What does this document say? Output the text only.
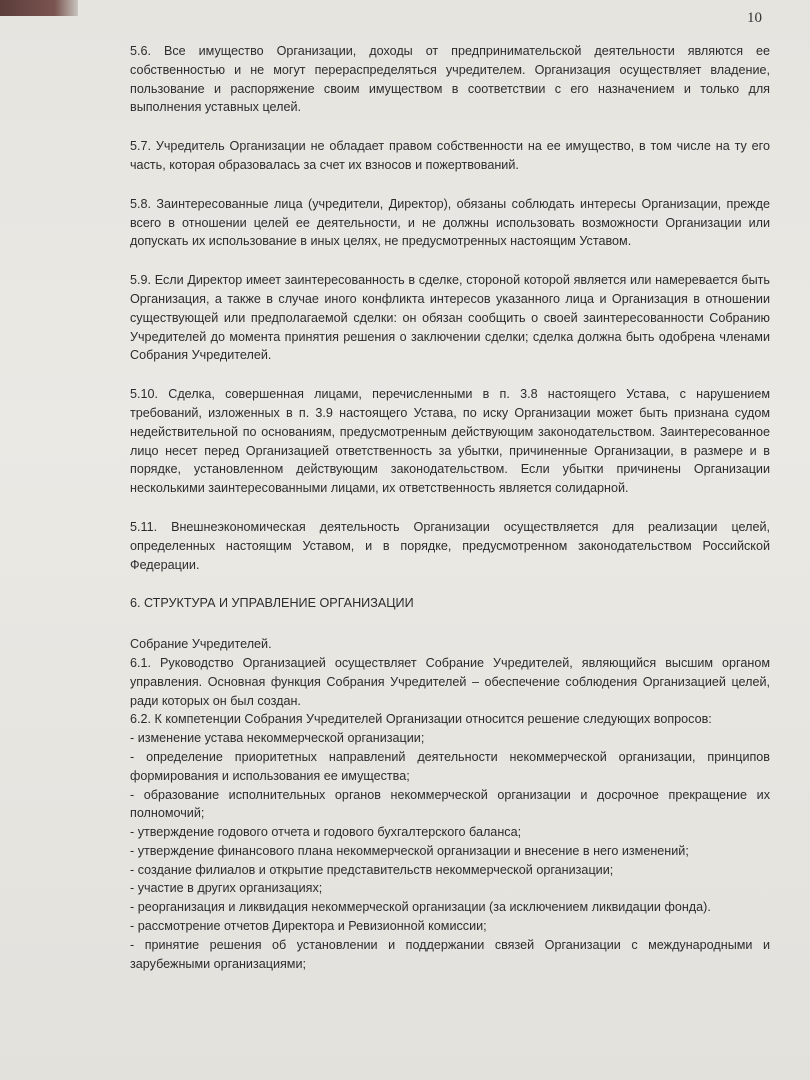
10

5.6. Все имущество Организации, доходы от предпринимательской деятельности являются ее собственностью и не могут перераспределяться учредителем. Организация осуществляет владение, пользование и распоряжение своим имуществом в соответствии с его назначением и только для выполнения уставных целей.

5.7. Учредитель Организации не обладает правом собственности на ее имущество, в том числе на ту его часть, которая образовалась за счет их взносов и пожертвований.

5.8. Заинтересованные лица (учредители, Директор), обязаны соблюдать интересы Организации, прежде всего в отношении целей ее деятельности, и не должны использовать возможности Организации или допускать их использование в иных целях, не предусмотренных настоящим Уставом.

5.9. Если Директор имеет заинтересованность в сделке, стороной которой является или намеревается быть Организация, а также в случае иного конфликта интересов указанного лица и Организация в отношении существующей или предполагаемой сделки: он обязан сообщить о своей заинтересованности Собранию Учредителей до момента принятия решения о заключении сделки; сделка должна быть одобрена членами Собрания Учредителей.

5.10. Сделка, совершенная лицами, перечисленными в п. 3.8 настоящего Устава, с нарушением требований, изложенных в п. 3.9 настоящего Устава, по иску Организации может быть признана судом недействительной по основаниям, предусмотренным действующим законодательством. Заинтересованное лицо несет перед Организацией ответственность за убытки, причиненные Организации, в размере и в порядке, установленном действующим законодательством. Если убытки причинены Организации несколькими заинтересованными лицами, их ответственность является солидарной.

5.11. Внешнеэкономическая деятельность Организации осуществляется для реализации целей, определенных настоящим Уставом, и в порядке, предусмотренном законодательством Российской Федерации.

6. СТРУКТУРА И УПРАВЛЕНИЕ ОРГАНИЗАЦИИ

Собрание Учредителей.

6.1. Руководство Организацией осуществляет Собрание Учредителей, являющийся высшим органом управления. Основная функция Собрания Учредителей – обеспечение соблюдения Организацией целей, ради которых он был создан.

6.2. К компетенции Собрания Учредителей Организации относится решение следующих вопросов:

- изменение устава некоммерческой организации;
- определение приоритетных направлений деятельности некоммерческой организации, принципов формирования и использования ее имущества;
- образование исполнительных органов некоммерческой организации и досрочное прекращение их полномочий;
- утверждение годового отчета и годового бухгалтерского баланса;
- утверждение финансового плана некоммерческой организации и внесение в него изменений;
- создание филиалов и открытие представительств некоммерческой организации;
- участие в других организациях;
- реорганизация и ликвидация некоммерческой организации (за исключением ликвидации фонда).
- рассмотрение отчетов Директора и Ревизионной комиссии;
- принятие решения об установлении и поддержании связей Организации с международными и зарубежными организациями;
